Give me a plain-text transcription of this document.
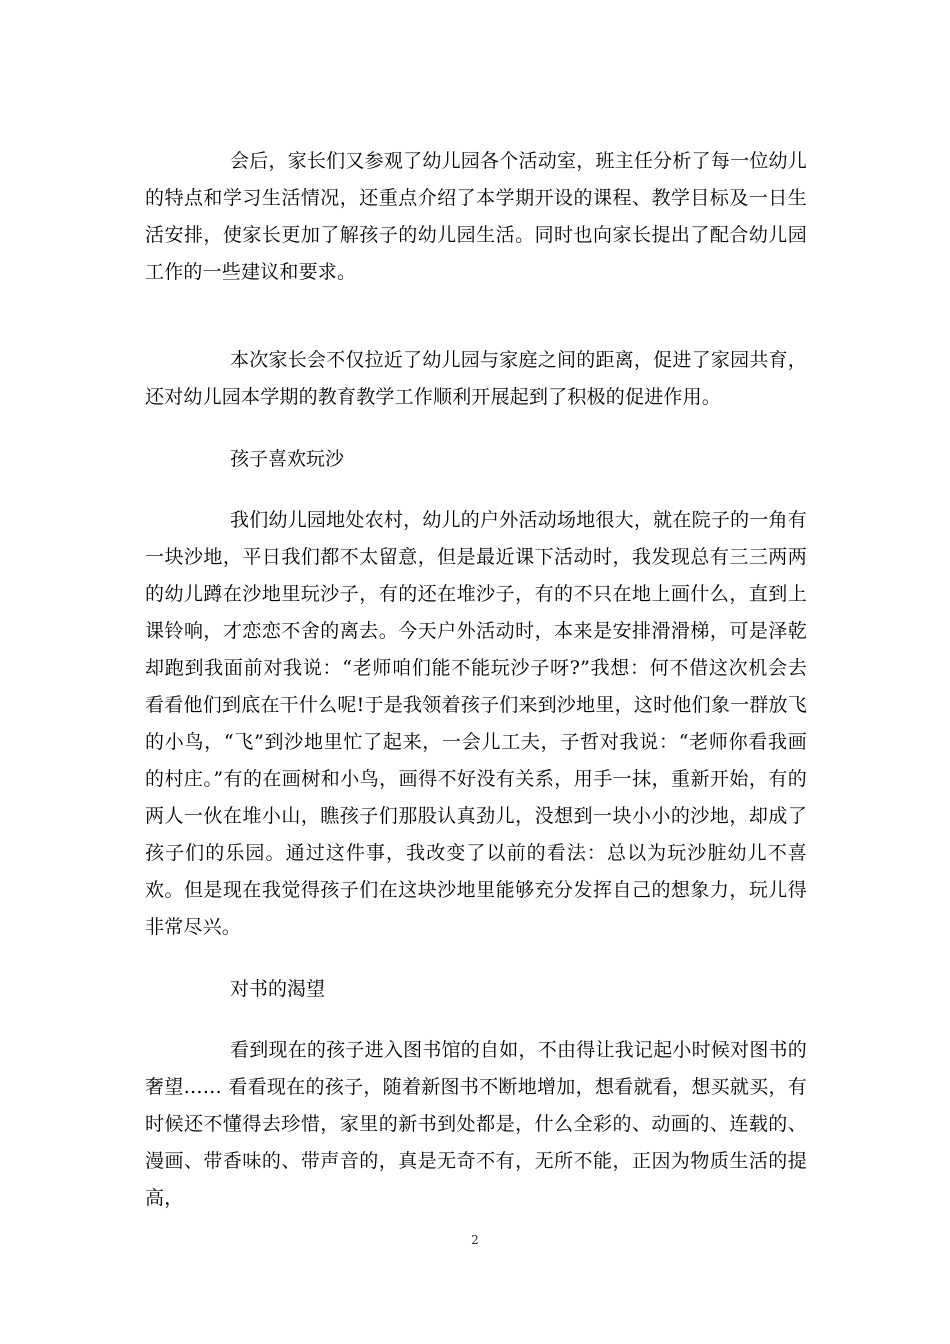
会后，家长们又参观了幼儿园各个活动室，班主任分析了每一位幼儿的特点和学习生活情况，还重点介绍了本学期开设的课程、教学目标及一日生活安排，使家长更加了解孩子的幼儿园生活。同时也向家长提出了配合幼儿园工作的一些建议和要求。

本次家长会不仅拉近了幼儿园与家庭之间的距离，促进了家园共育，还对幼儿园本学期的教育教学工作顺利开展起到了积极的促进作用。

孩子喜欢玩沙

我们幼儿园地处农村，幼儿的户外活动场地很大，就在院子的一角有一块沙地，平日我们都不太留意，但是最近课下活动时，我发现总有三三两两的幼儿蹲在沙地里玩沙子，有的还在堆沙子，有的不只在地上画什么，直到上课铃响，才恋恋不舍的离去。今天户外活动时，本来是安排滑滑梯，可是泽乾却跑到我面前对我说：“老师咱们能不能玩沙子呀?”我想：何不借这次机会去看看他们到底在干什么呢!于是我领着孩子们来到沙地里，这时他们象一群放飞的小鸟，“飞”到沙地里忙了起来，一会儿工夫，子哲对我说：“老师你看我画的村庄。”有的在画树和小鸟，画得不好没有关系，用手一抹，重新开始，有的两人一伙在堆小山，瞧孩子们那股认真劲儿，没想到一块小小的沙地，却成了孩子们的乐园。通过这件事，我改变了以前的看法：总以为玩沙脏幼儿不喜欢。但是现在我觉得孩子们在这块沙地里能够充分发挥自己的想象力，玩儿得非常尽兴。

对书的渴望

看到现在的孩子进入图书馆的自如，不由得让我记起小时候对图书的奢望…… 看看现在的孩子，随着新图书不断地增加，想看就看，想买就买，有时候还不懂得去珍惜，家里的新书到处都是，什么全彩的、动画的、连载的、漫画、带香味的、带声音的，真是无奇不有，无所不能，正因为物质生活的提高，

2
